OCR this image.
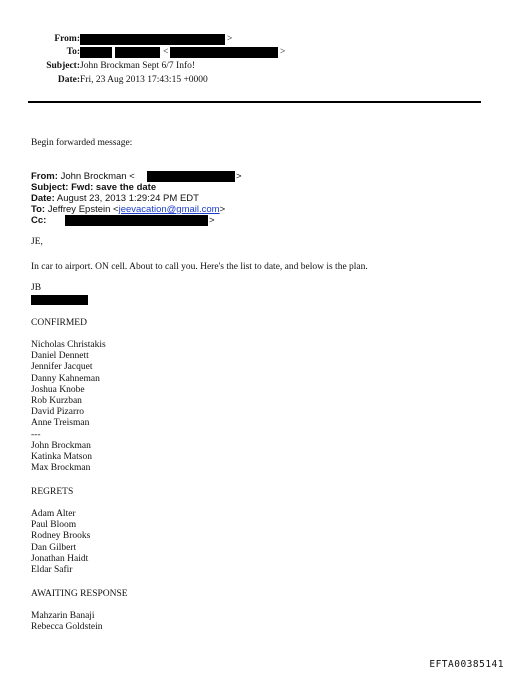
From:	>
To:	<	>
Subject: John Brockman Sept 6/7 Info!
Date: Fri, 23 Aug 2013 17:43:15 +0000
Begin forwarded message:
From: John Brockman <	>
Subject: Fwd: save the date
Date: August 23, 2013 1:29:24 PM EDT
To: Jeffrey Epstein <jeevacation@gmail.com>
Cc:	>
JE,
In car to airport. ON cell. About to call you. Here's the list to date, and below is the plan.
JB
CONFIRMED
Nicholas Christakis
Daniel Dennett
Jennifer Jacquet
Danny Kahneman
Joshua Knobe
Rob Kurzban
David Pizarro
Anne Treisman
---
John Brockman
Katinka Matson
Max Brockman
REGRETS
Adam Alter
Paul Bloom
Rodney Brooks
Dan Gilbert
Jonathan Haidt
Eldar Safir
AWAITING RESPONSE
Mahzarin Banaji
Rebecca Goldstein
EFTA00385141
